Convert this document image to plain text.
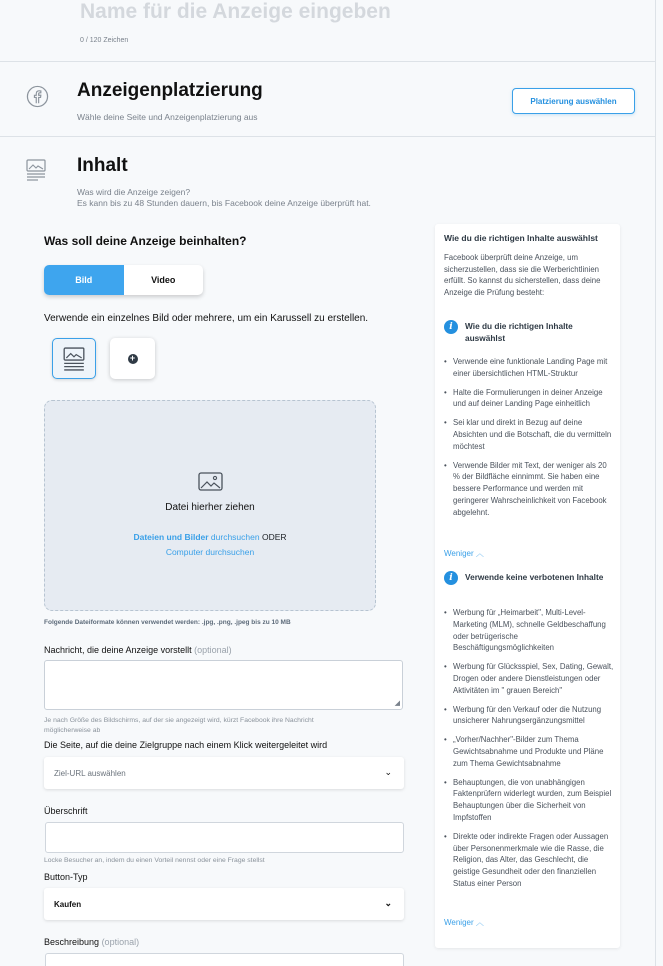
Name für die Anzeige eingeben
0 / 120 Zeichen
Anzeigenplatzierung
Wähle deine Seite und Anzeigenplatzierung aus
Platzierung auswählen
Inhalt
Was wird die Anzeige zeigen?
Es kann bis zu 48 Stunden dauern, bis Facebook deine Anzeige überprüft hat.
Was soll deine Anzeige beinhalten?
Bild	Video
Verwende ein einzelnes Bild oder mehrere, um ein Karussell zu erstellen.
+
Datei hierher ziehen
Dateien und Bilder durchsuchen ODER
Computer durchsuchen
Folgende Dateiformate können verwendet werden: .jpg, .png, .jpeg bis zu 10 MB
Nachricht, die deine Anzeige vorstellt (optional)
◢
Je nach Größe des Bildschirms, auf der sie angezeigt wird, kürzt Facebook ihre Nachricht
möglicherweise ab
Die Seite, auf die deine Zielgruppe nach einem Klick weitergeleitet wird
Ziel-URL auswählen	⌄
Überschrift
Locke Besucher an, indem du einen Vorteil nennst oder eine Frage stellst
Button-Typ
Kaufen	⌄
Beschreibung (optional)
Wie du die richtigen Inhalte auswählst
Facebook überprüft deine Anzeige, um sicherzustellen, dass sie die Werberichtlinien erfüllt. So kannst du sicherstellen, dass deine Anzeige die Prüfung besteht:
i	Wie du die richtigen Inhalte auswählst
• Verwende eine funktionale Landing Page mit einer übersichtlichen HTML-Struktur
• Halte die Formulierungen in deiner Anzeige und auf deiner Landing Page einheitlich
• Sei klar und direkt in Bezug auf deine Absichten und die Botschaft, die du vermitteln möchtest
• Verwende Bilder mit Text, der weniger als 20 % der Bildfläche einnimmt. Sie haben eine bessere Performance und werden mit geringerer Wahrscheinlichkeit von Facebook abgelehnt.
Weniger ︿
i	Verwende keine verbotenen Inhalte
• Werbung für „Heimarbeit", Multi-Level-Marketing (MLM), schnelle Geldbeschaffung oder betrügerische Beschäftigungsmöglichkeiten
• Werbung für Glücksspiel, Sex, Dating, Gewalt, Drogen oder andere Dienstleistungen oder Aktivitäten im " grauen Bereich"
• Werbung für den Verkauf oder die Nutzung unsicherer Nahrungsergänzungsmittel
• „Vorher/Nachher"-Bilder zum Thema Gewichtsabnahme und Produkte und Pläne zum Thema Gewichtsabnahme
• Behauptungen, die von unabhängigen Faktenprüfern widerlegt wurden, zum Beispiel Behauptungen über die Sicherheit von Impfstoffen
• Direkte oder indirekte Fragen oder Aussagen über Personenmerkmale wie die Rasse, die Religion, das Alter, das Geschlecht, die geistige Gesundheit oder den finanziellen Status einer Person
Weniger ︿
